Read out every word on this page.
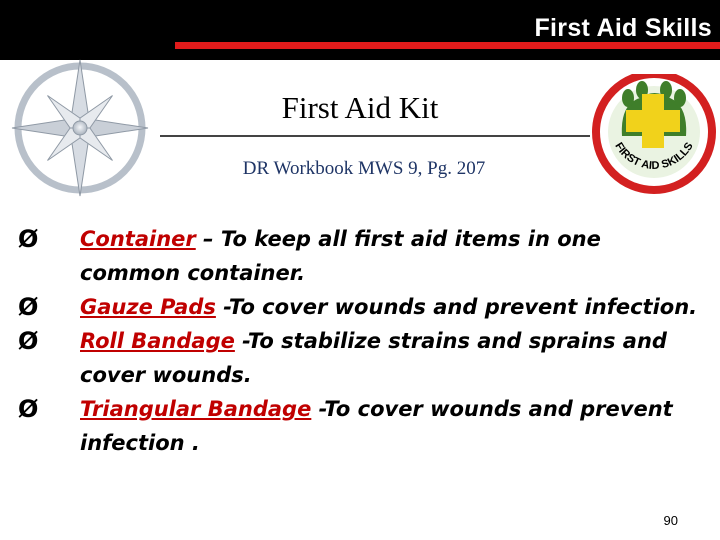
First Aid Skills
First Aid Kit
DR Workbook MWS 9, Pg. 207
FIRST AID SKILLS
Ø Container – To keep all first aid items in one common container.
Ø Gauze Pads -To cover wounds and prevent infection.
Ø Roll Bandage -To stabilize strains and sprains and cover wounds.
Ø Triangular Bandage -To cover wounds and prevent infection .
90
